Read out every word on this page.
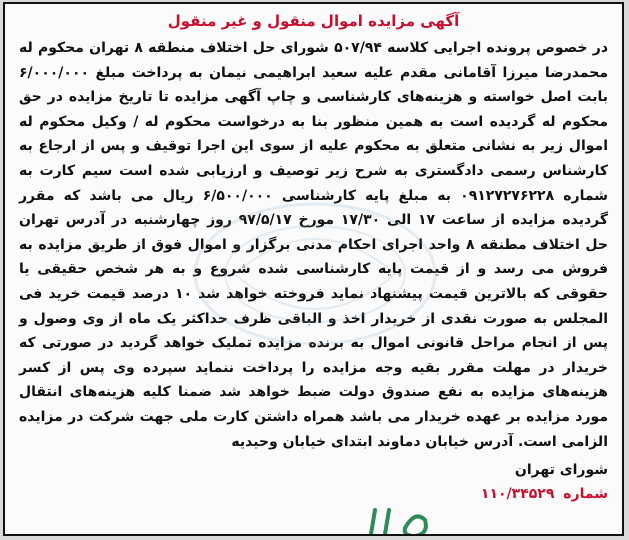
آگهی مزایده اموال منقول و غیر منقول

در خصوص پرونده اجرایی کلاسه ۵۰۷/۹۴ شورای حل اختلاف منطقه ۸ تهران محکوم له محمدرضا میرزا آقامانی مقدم علیه سعید ابراهیمی نیمان به پرداخت مبلغ ۶/۰۰۰/۰۰۰ بابت اصل خواسته و هزینه‌های کارشناسی و چاپ آگهی مزایده تا تاریخ مزایده در حق محکوم له گردیده است به همین منظور بنا به درخواست محکوم له / وکیل محکوم له اموال زیر به نشانی متعلق به محکوم علیه از سوی این اجرا توقیف و پس از ارجاع به کارشناس رسمی دادگستری به شرح زیر توصیف و ارزیابی شده است سیم کارت به شماره ۰۹۱۲۷۲۷۶۲۲۸ به مبلغ پایه کارشناسی ۶/۵۰۰/۰۰۰ ریال می باشد که مقرر گردیده مزایده از ساعت ۱۷ الی ۱۷/۳۰ مورخ ۹۷/۵/۱۷ روز چهارشنبه در آدرس تهران حل اختلاف مطنقه ۸ واحد اجرای احکام مدنی برگزار و اموال فوق از طریق مزایده به فروش می رسد و از قیمت پایه کارشناسی شده شروع و به هر شخص حقیقی یا حقوقی که بالاترین قیمت پیشنهاد نماید فروخته خواهد شد ۱۰ درصد قیمت خرید فی المجلس به صورت نقدی از خریدار اخذ و الباقی ظرف حداکثر یک ماه از وی وصول و پس از انجام مراحل قانونی اموال به برنده مزایده تملیک خواهد گردید در صورتی که خریدار در مهلت مقرر بقیه وجه مزایده را پرداخت ننماید سپرده وی پس از کسر هزینه‌های مزایده به نفع صندوق دولت ضبط خواهد شد ضمنا کلیه هزینه‌های انتقال مورد مزایده بر عهده خریدار می باشد همراه داشتن کارت ملی جهت شرکت در مزایده الزامی است. آدرس خیابان دماوند ابتدای خیابان وحیدیه

شورای تهران
شماره ۱۱۰/۳۴۵۲۹
